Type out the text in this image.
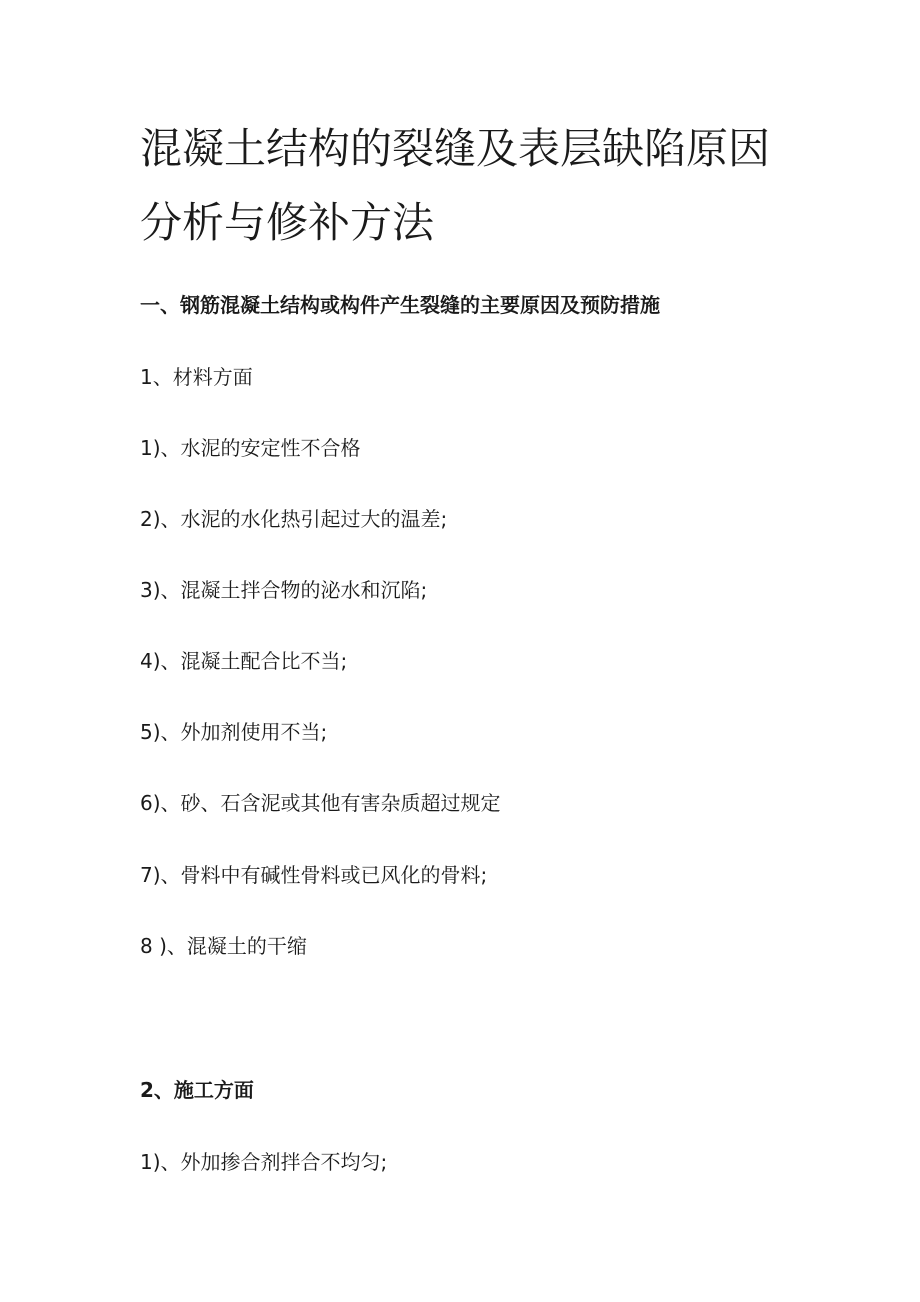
混凝土结构的裂缝及表层缺陷原因
分析与修补方法

一、钢筋混凝土结构或构件产生裂缝的主要原因及预防措施

1、材料方面

1)、水泥的安定性不合格

2)、水泥的水化热引起过大的温差;

3)、混凝土拌合物的泌水和沉陷;

4)、混凝土配合比不当;

5)、外加剂使用不当;

6)、砂、石含泥或其他有害杂质超过规定

7)、骨料中有碱性骨料或已风化的骨料;

8 )、混凝土的干缩

2、施工方面

1)、外加掺合剂拌合不均匀;
